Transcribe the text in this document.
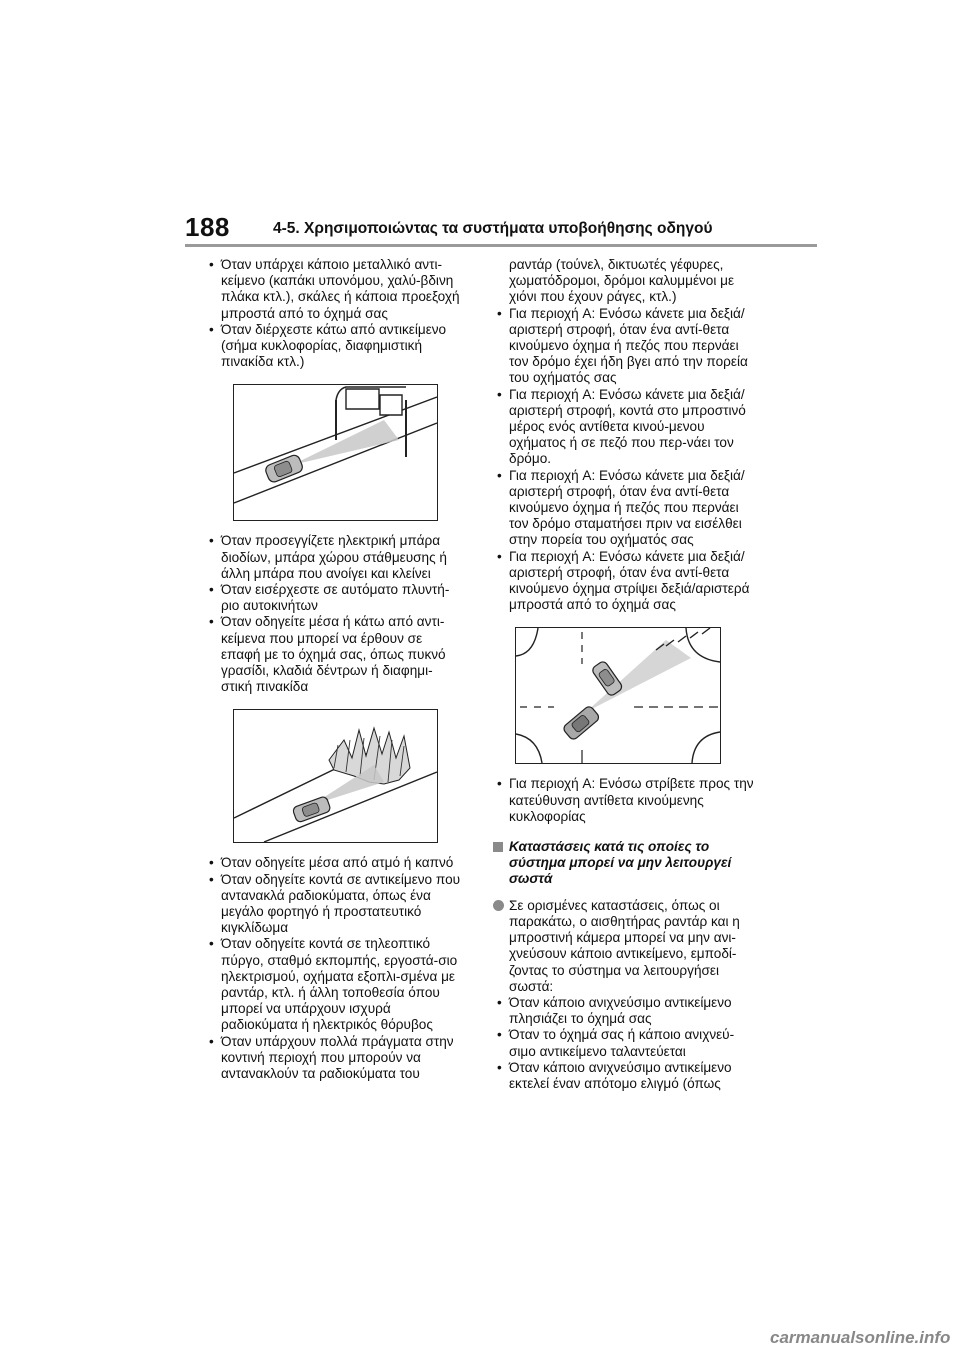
188	4-5. Χρησιμοποιώντας τα συστήματα υποβοήθησης οδηγού
• Όταν υπάρχει κάποιο μεταλλικό αντι-κείμενο (καπάκι υπονόμου, χαλύ-βδινη πλάκα κτλ.), σκάλες ή κάποια προεξοχή μπροστά από το όχημά σας
• Όταν διέρχεστε κάτω από αντικείμενο (σήμα κυκλοφορίας, διαφημιστική πινακίδα κτλ.)
• Όταν προσεγγίζετε ηλεκτρική μπάρα διοδίων, μπάρα χώρου στάθμευσης ή άλλη μπάρα που ανοίγει και κλείνει
• Όταν εισέρχεστε σε αυτόματο πλυντή-ριο αυτοκινήτων
• Όταν οδηγείτε μέσα ή κάτω από αντι-κείμενα που μπορεί να έρθουν σε επαφή με το όχημά σας, όπως πυκνό γρασίδι, κλαδιά δέντρων ή διαφημι-στική πινακίδα
• Όταν οδηγείτε μέσα από ατμό ή καπνό
• Όταν οδηγείτε κοντά σε αντικείμενο που αντανακλά ραδιοκύματα, όπως ένα μεγάλο φορτηγό ή προστατευτικό κιγκλίδωμα
• Όταν οδηγείτε κοντά σε τηλεοπτικό πύργο, σταθμό εκπομπής, εργοστά-σιο ηλεκτρισμού, οχήματα εξοπλι-σμένα με ραντάρ, κτλ. ή άλλη τοποθεσία όπου μπορεί να υπάρχουν ισχυρά ραδιοκύματα ή ηλεκτρικός θόρυβος
• Όταν υπάρχουν πολλά πράγματα στην κοντινή περιοχή που μπορούν να αντανακλούν τα ραδιοκύματα του
ραντάρ (τούνελ, δικτυωτές γέφυρες, χωματόδρομοι, δρόμοι καλυμμένοι με χιόνι που έχουν ράγες, κτλ.)
• Για περιοχή A: Ενόσω κάνετε μια δεξιά/αριστερή στροφή, όταν ένα αντί-θετα κινούμενο όχημα ή πεζός που περνάει τον δρόμο έχει ήδη βγει από την πορεία του οχήματός σας
• Για περιοχή A: Ενόσω κάνετε μια δεξιά/αριστερή στροφή, κοντά στο μπροστινό μέρος ενός αντίθετα κινού-μενου οχήματος ή σε πεζό που περ-νάει τον δρόμο.
• Για περιοχή A: Ενόσω κάνετε μια δεξιά/αριστερή στροφή, όταν ένα αντί-θετα κινούμενο όχημα ή πεζός που περνάει τον δρόμο σταματήσει πριν να εισέλθει στην πορεία του οχήματός σας
• Για περιοχή A: Ενόσω κάνετε μια δεξιά/αριστερή στροφή, όταν ένα αντί-θετα κινούμενο όχημα στρίψει δεξιά/αριστερά μπροστά από το όχημά σας
• Για περιοχή A: Ενόσω στρίβετε προς την κατεύθυνση αντίθετα κινούμενης κυκλοφορίας
Καταστάσεις κατά τις οποίες το σύστημα μπορεί να μην λειτουργεί σωστά
Σε ορισμένες καταστάσεις, όπως οι παρακάτω, ο αισθητήρας ραντάρ και η μπροστινή κάμερα μπορεί να μην ανι-χνεύσουν κάποιο αντικείμενο, εμποδί-ζοντας το σύστημα να λειτουργήσει σωστά:
• Όταν κάποιο ανιχνεύσιμο αντικείμενο πλησιάζει το όχημά σας
• Όταν το όχημά σας ή κάποιο ανιχνεύ-σιμο αντικείμενο ταλαντεύεται
• Όταν κάποιο ανιχνεύσιμο αντικείμενο εκτελεί έναν απότομο ελιγμό (όπως
carmanualsonline.info
